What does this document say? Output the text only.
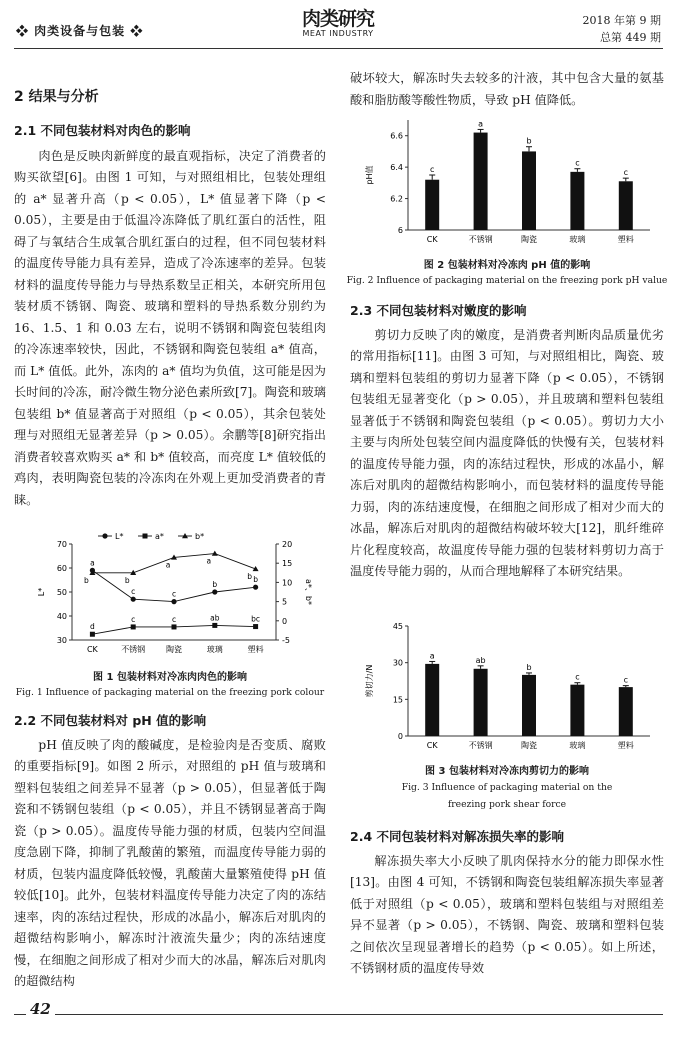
❖ 肉类设备与包装 ❖
肉类研究
MEAT INDUSTRY
2018 年第 9 期
总第 449 期
2 结果与分析
2.1 不同包装材料对肉色的影响

肉色是反映肉新鲜度的最直观指标，决定了消费者的购买欲望[6]。由图 1 可知，与对照组相比，包装处理组的 a* 显著升高（p < 0.05），L* 值显著下降（p < 0.05），主要是由于低温冷冻降低了肌红蛋白的活性，阻碍了与氧结合生成氧合肌红蛋白的过程，但不同包装材料的温度传导能力具有差异，造成了冷冻速率的差异。包装材料的温度传导能力与导热系数呈正相关，本研究所用包装材质不锈钢、陶瓷、玻璃和塑料的导热系数分别约为 16、1.5、1 和 0.03 左右，说明不锈钢和陶瓷包装组肉的冷冻速率较快，因此，不锈钢和陶瓷包装组 a* 值高，而 L* 值低。此外，冻肉的 a* 值均为负值，这可能是因为长时间的冷冻，耐冷微生物分泌色素所致[7]。陶瓷和玻璃包装组 b* 值显著高于对照组（p < 0.05），其余包装处理与对照组无显著差异（p > 0.05）。余鹏等[8]研究指出消费者较喜欢购买 a* 和 b* 值较高，而亮度 L* 值较低的鸡肉，表明陶瓷包装的冷冻肉在外观上更加受消费者的青睐。

30
40
50
60
70
-5
0
5
10
15
20
L*	a*、b*
CK	不锈钢	陶瓷	玻璃	塑料
a
c	c
b
b
d
c	c	ab	bc
b	b
a	a
b
L*	a*	b*
图 1 包装材料对冷冻肉肉色的影响
Fig. 1 Influence of packaging material on the freezing pork colour
2.2 不同包装材料对 pH 值的影响

pH 值反映了肉的酸碱度，是检验肉是否变质、腐败的重要指标[9]。如图 2 所示，对照组的 pH 值与玻璃和塑料包装组之间差异不显著（p > 0.05），但显著低于陶瓷和不锈钢包装组（p < 0.05），并且不锈钢显著高于陶瓷（p > 0.05）。温度传导能力强的材质，包装内空间温度急剧下降，抑制了乳酸菌的繁殖，而温度传导能力弱的材质，包装内温度降低较慢，乳酸菌大量繁殖使得 pH 值较低[10]。此外，包装材料温度传导能力决定了肉的冻结速率，肉的冻结过程快，形成的冰晶小，解冻后对肌肉的超微结构影响小，解冻时汁液流失量少；肉的冻结速度慢，在细胞之间形成了相对少而大的冰晶，解冻后对肌肉的超微结构

破坏较大，解冻时失去较多的汁液，其中包含大量的氨基酸和脂肪酸等酸性物质，导致 pH 值降低。
6
6.2
6.4
6.6
pH值	c
CK
a
不锈钢
b
陶瓷
c
玻璃
c
塑料
图 2 包装材料对冷冻肉 pH 值的影响
Fig. 2 Influence of packaging material on the freezing pork pH value
2.3 不同包装材料对嫩度的影响

剪切力反映了肉的嫩度，是消费者判断肉品质量优劣的常用指标[11]。由图 3 可知，与对照组相比，陶瓷、玻璃和塑料包装组的剪切力显著下降（p < 0.05），不锈钢包装组无显著变化（p > 0.05），并且玻璃和塑料包装组显著低于不锈钢和陶瓷包装组（p < 0.05）。剪切力大小主要与肉所处包装空间内温度降低的快慢有关，包装材料的温度传导能力强，肉的冻结过程快，形成的冰晶小，解冻后对肌肉的超微结构影响小，而包装材料的温度传导能力弱，肉的冻结速度慢，在细胞之间形成了相对少而大的冰晶，解冻后对肌肉的超微结构破坏较大[12]，肌纤维碎片化程度较高，故温度传导能力强的包装材料剪切力高于温度传导能力弱的，从而合理地解释了本研究结果。

0
15
30
45
剪切力/N
a
CK
ab
不锈钢
b
陶瓷
c
玻璃
c
塑料
图 3 包装材料对冷冻肉剪切力的影响
Fig. 3 Influence of packaging material on the
freezing pork shear force
2.4 不同包装材料对解冻损失率的影响

解冻损失率大小反映了肌肉保持水分的能力即保水性[13]。由图 4 可知，不锈钢和陶瓷包装组解冻损失率显著低于对照组（p < 0.05），玻璃和塑料包装组与对照组差异不显著（p > 0.05），不锈钢、陶瓷、玻璃和塑料包装之间依次呈现显著增长的趋势（p < 0.05）。如上所述，不锈钢材质的温度传导效

42
